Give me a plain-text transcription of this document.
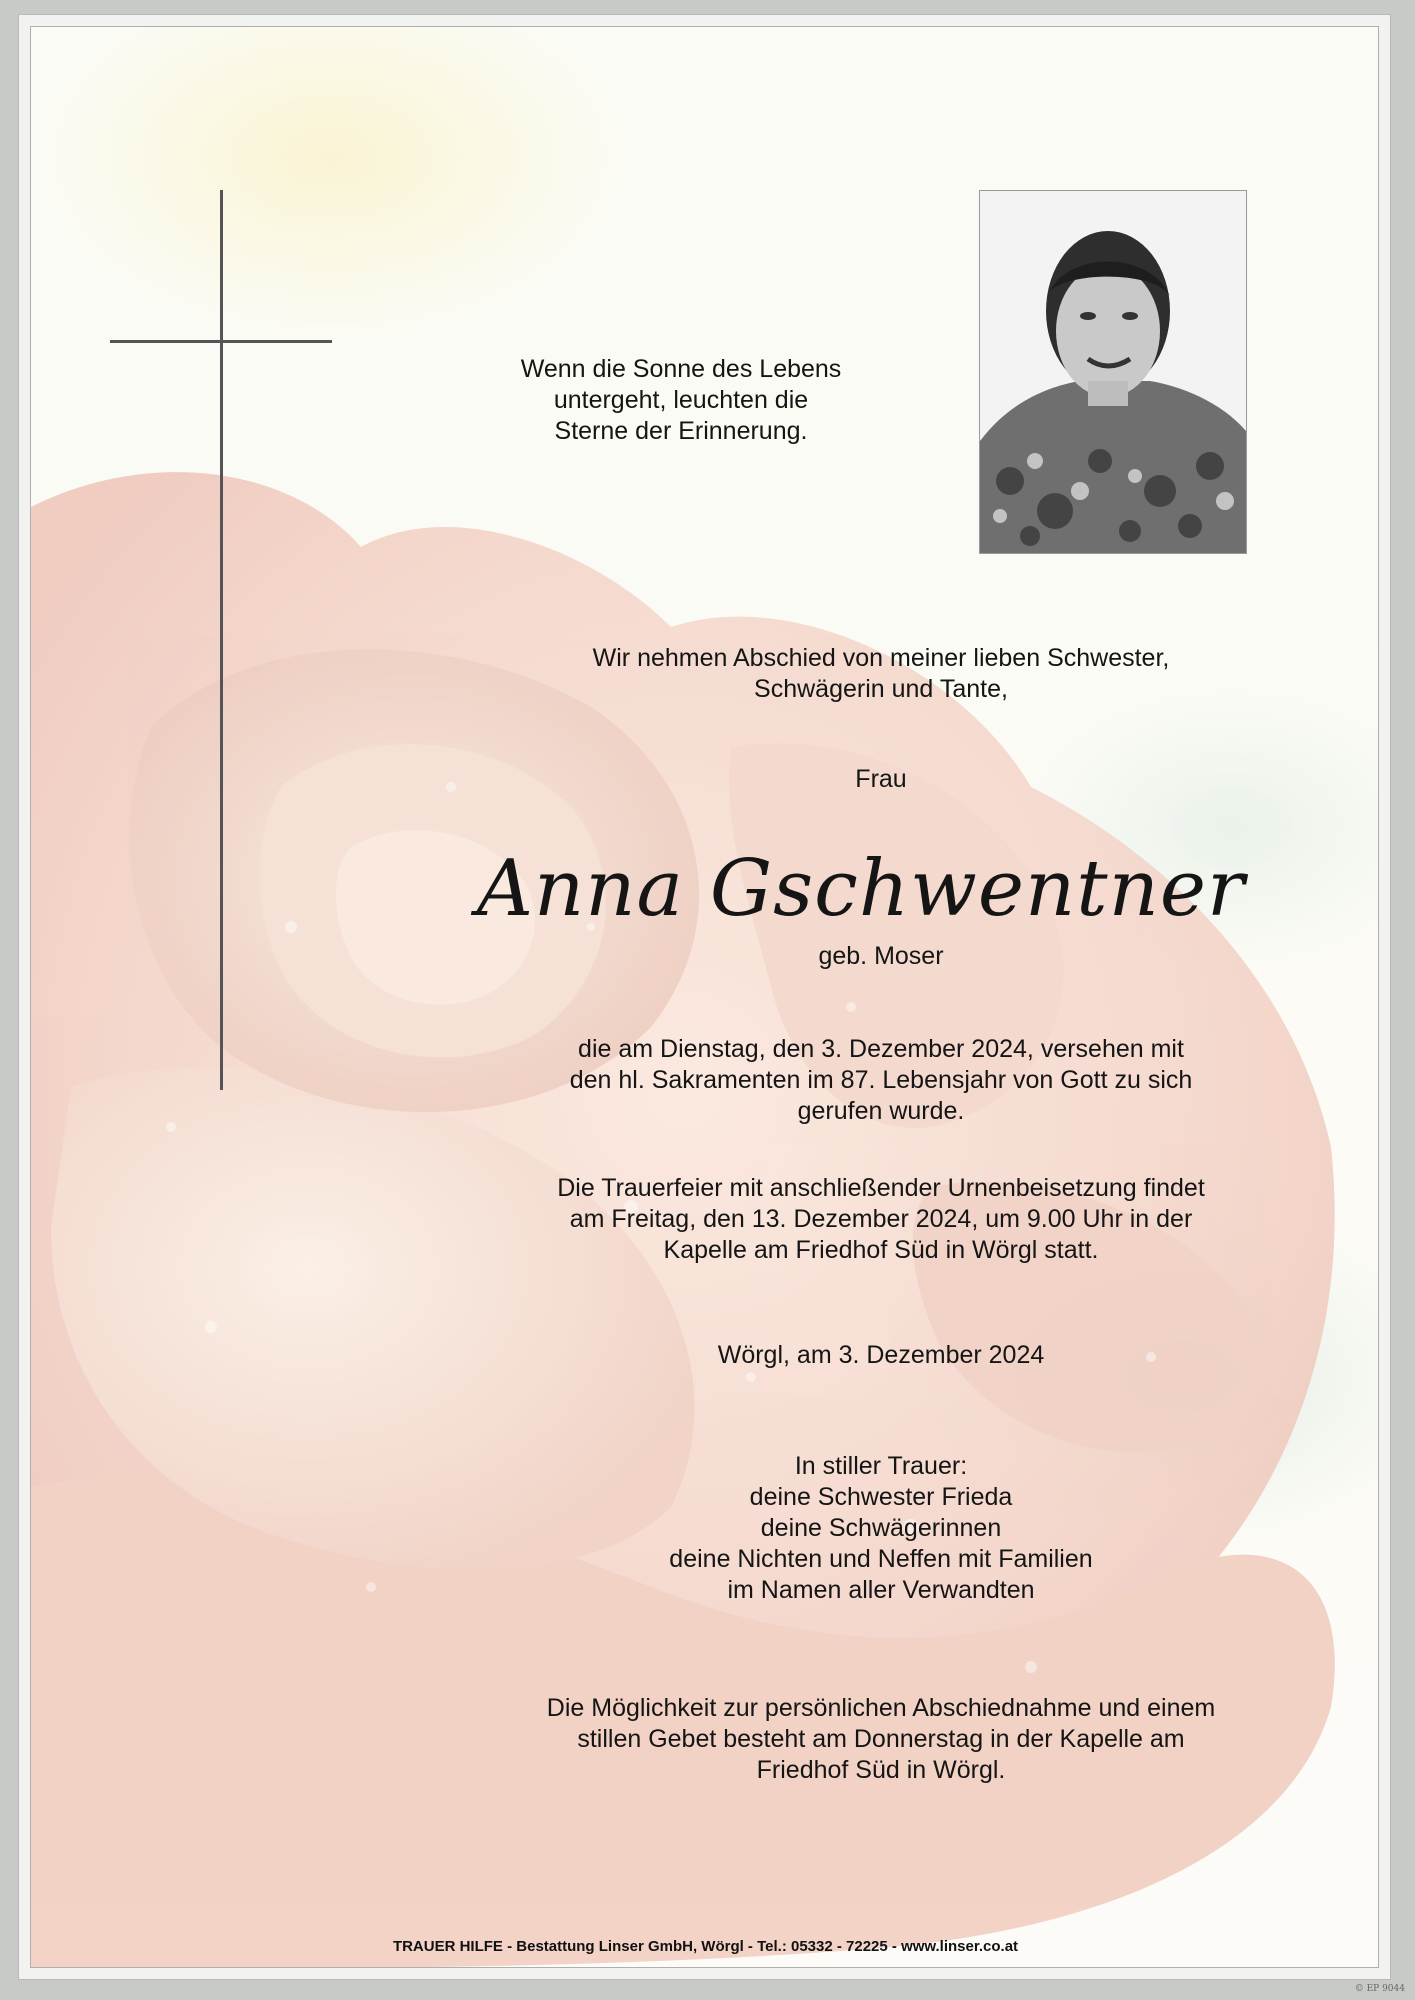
Wenn die Sonne des Lebens
untergeht, leuchten die
Sterne der Erinnerung.
Wir nehmen Abschied von meiner lieben Schwester,
Schwägerin und Tante,
Frau
Anna Gschwentner
geb. Moser
die am Dienstag, den 3. Dezember 2024, versehen mit
den hl. Sakramenten im 87. Lebensjahr von Gott zu sich
gerufen wurde.
Die Trauerfeier mit anschließender Urnenbeisetzung findet
am Freitag, den 13. Dezember 2024, um 9.00 Uhr in der
Kapelle am Friedhof Süd in Wörgl statt.
Wörgl, am 3. Dezember 2024
In stiller Trauer:
deine Schwester Frieda
deine Schwägerinnen
deine Nichten und Neffen mit Familien
im Namen aller Verwandten
Die Möglichkeit zur persönlichen Abschiednahme und einem
stillen Gebet besteht am Donnerstag in der Kapelle am
Friedhof Süd in Wörgl.
TRAUER HILFE - Bestattung Linser GmbH, Wörgl - Tel.: 05332 - 72225 - www.linser.co.at
© EP 9044
